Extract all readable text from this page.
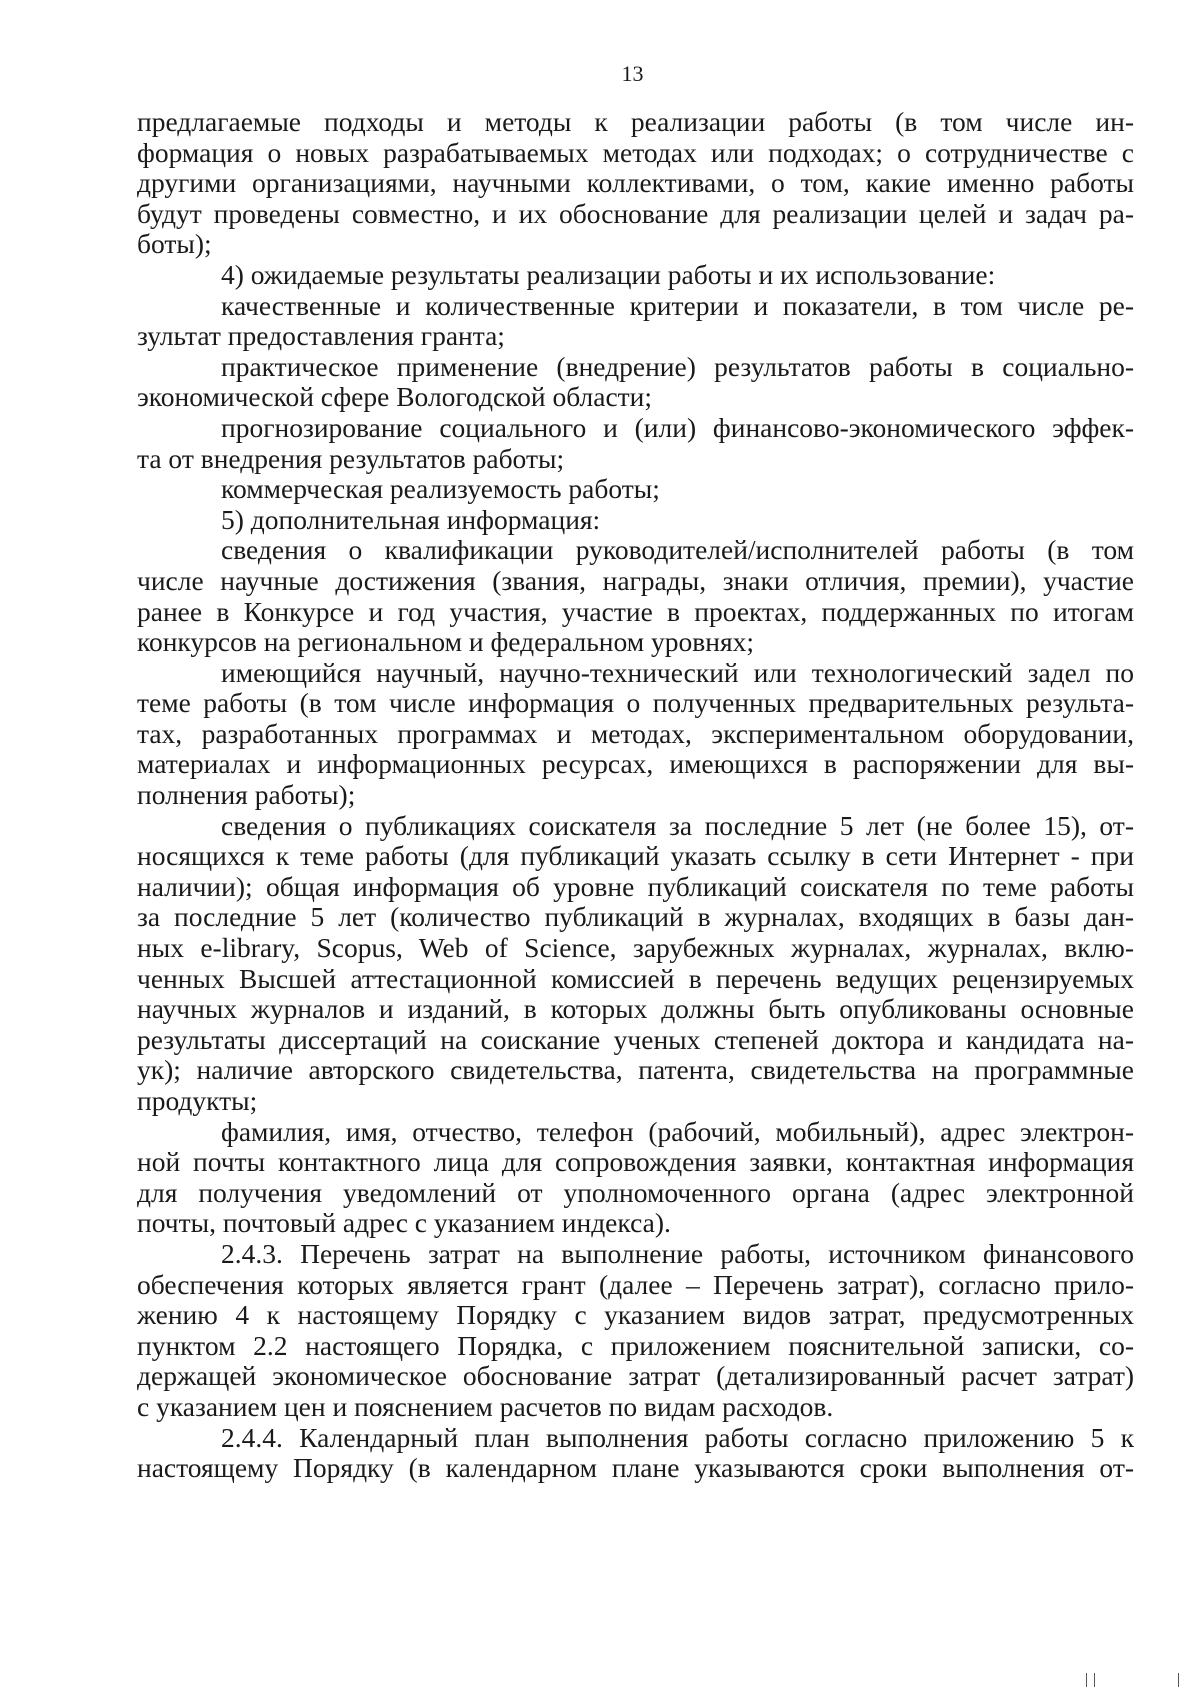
13
предлагаемые подходы и методы к реализации работы (в том числе ин-
формация о новых разрабатываемых методах или подходах; о сотрудничестве с
другими организациями, научными коллективами, о том, какие именно работы
будут проведены совместно, и их обоснование для реализации целей и задач ра-
боты);
4) ожидаемые результаты реализации работы и их использование:
качественные и количественные критерии и показатели, в том числе ре-
зультат предоставления гранта;
практическое применение (внедрение) результатов работы в социально-
экономической сфере Вологодской области;
прогнозирование социального и (или) финансово-экономического эффек-
та от внедрения результатов работы;
коммерческая реализуемость работы;
5) дополнительная информация:
сведения о квалификации руководителей/исполнителей работы (в том
числе научные достижения (звания, награды, знаки отличия, премии), участие
ранее в Конкурсе и год участия, участие в проектах, поддержанных по итогам
конкурсов на региональном и федеральном уровнях;
имеющийся научный, научно-технический или технологический задел по
теме работы (в том числе информация о полученных предварительных результа-
тах, разработанных программах и методах, экспериментальном оборудовании,
материалах и информационных ресурсах, имеющихся в распоряжении для вы-
полнения работы);
сведения о публикациях соискателя за последние 5 лет (не более 15), от-
носящихся к теме работы (для публикаций указать ссылку в сети Интернет - при
наличии); общая информация об уровне публикаций соискателя по теме работы
за последние 5 лет (количество публикаций в журналах, входящих в базы дан-
ных e-library, Scopus, Web of Science, зарубежных журналах, журналах, вклю-
ченных Высшей аттестационной комиссией в перечень ведущих рецензируемых
научных журналов и изданий, в которых должны быть опубликованы основные
результаты диссертаций на соискание ученых степеней доктора и кандидата на-
ук); наличие авторского свидетельства, патента, свидетельства на программные
продукты;
фамилия, имя, отчество, телефон (рабочий, мобильный), адрес электрон-
ной почты контактного лица для сопровождения заявки, контактная информация
для получения уведомлений от уполномоченного органа (адрес электронной
почты, почтовый адрес с указанием индекса).
2.4.3. Перечень затрат на выполнение работы, источником финансового
обеспечения которых является грант (далее – Перечень затрат), согласно прило-
жению 4 к настоящему Порядку с указанием видов затрат, предусмотренных
пунктом 2.2 настоящего Порядка, с приложением пояснительной записки, со-
держащей экономическое обоснование затрат (детализированный расчет затрат)
с указанием цен и пояснением расчетов по видам расходов.
2.4.4. Календарный план выполнения работы согласно приложению 5 к
настоящему Порядку (в календарном плане указываются сроки выполнения от-
